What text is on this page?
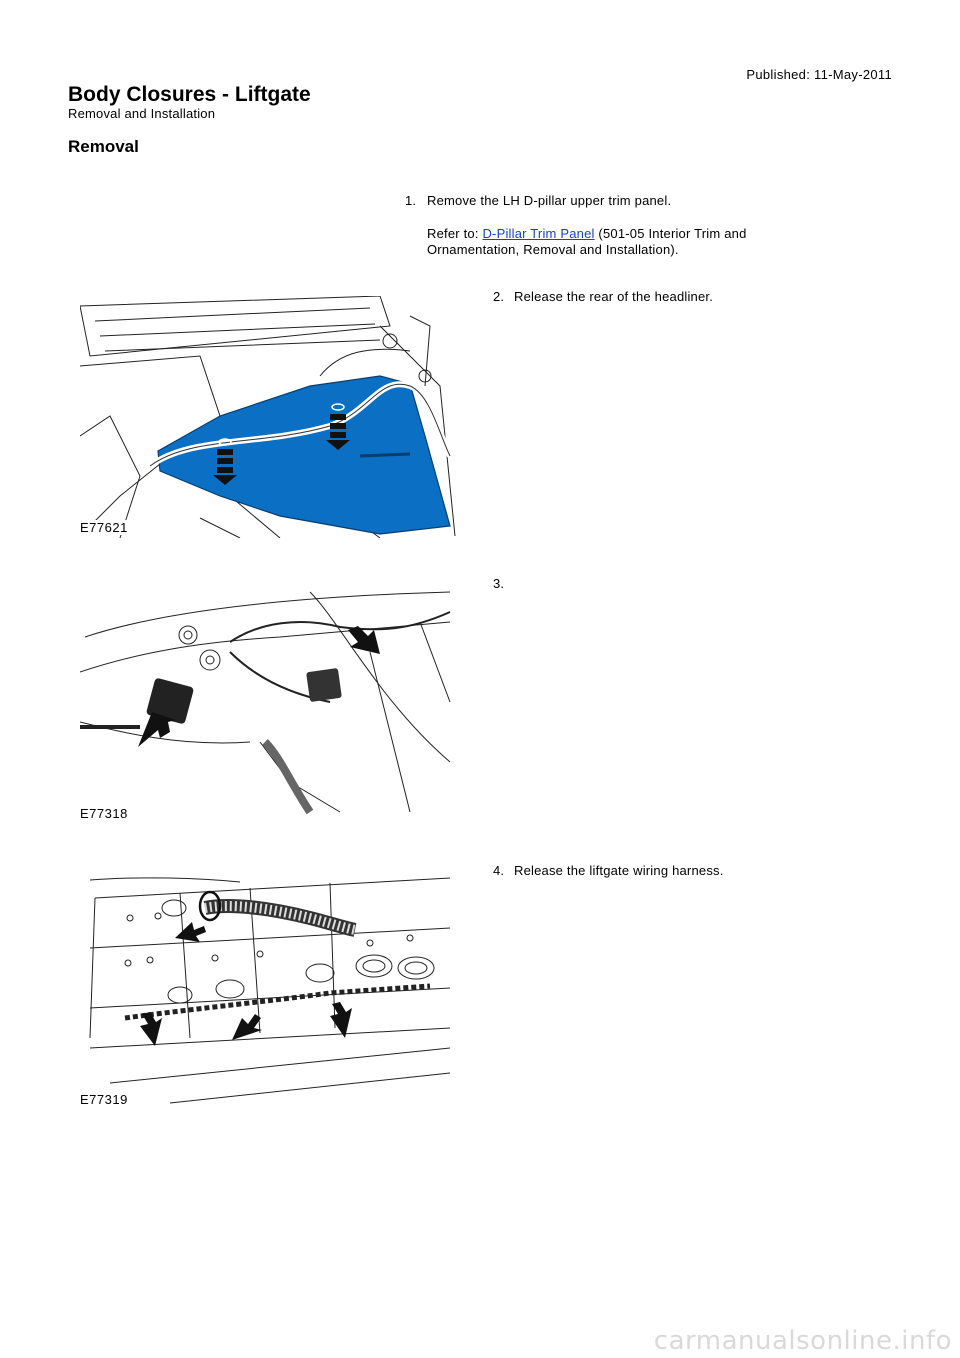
Published: 11-May-2011
Body Closures - Liftgate
Removal and Installation
Removal
1. Remove the LH D-pillar upper trim panel.
Refer to: D-Pillar Trim Panel (501-05 Interior Trim and
Ornamentation, Removal and Installation).
E77621
2. Release the rear of the headliner.
E77318
3.
E77319
4. Release the liftgate wiring harness.
carmanualsonline.info
